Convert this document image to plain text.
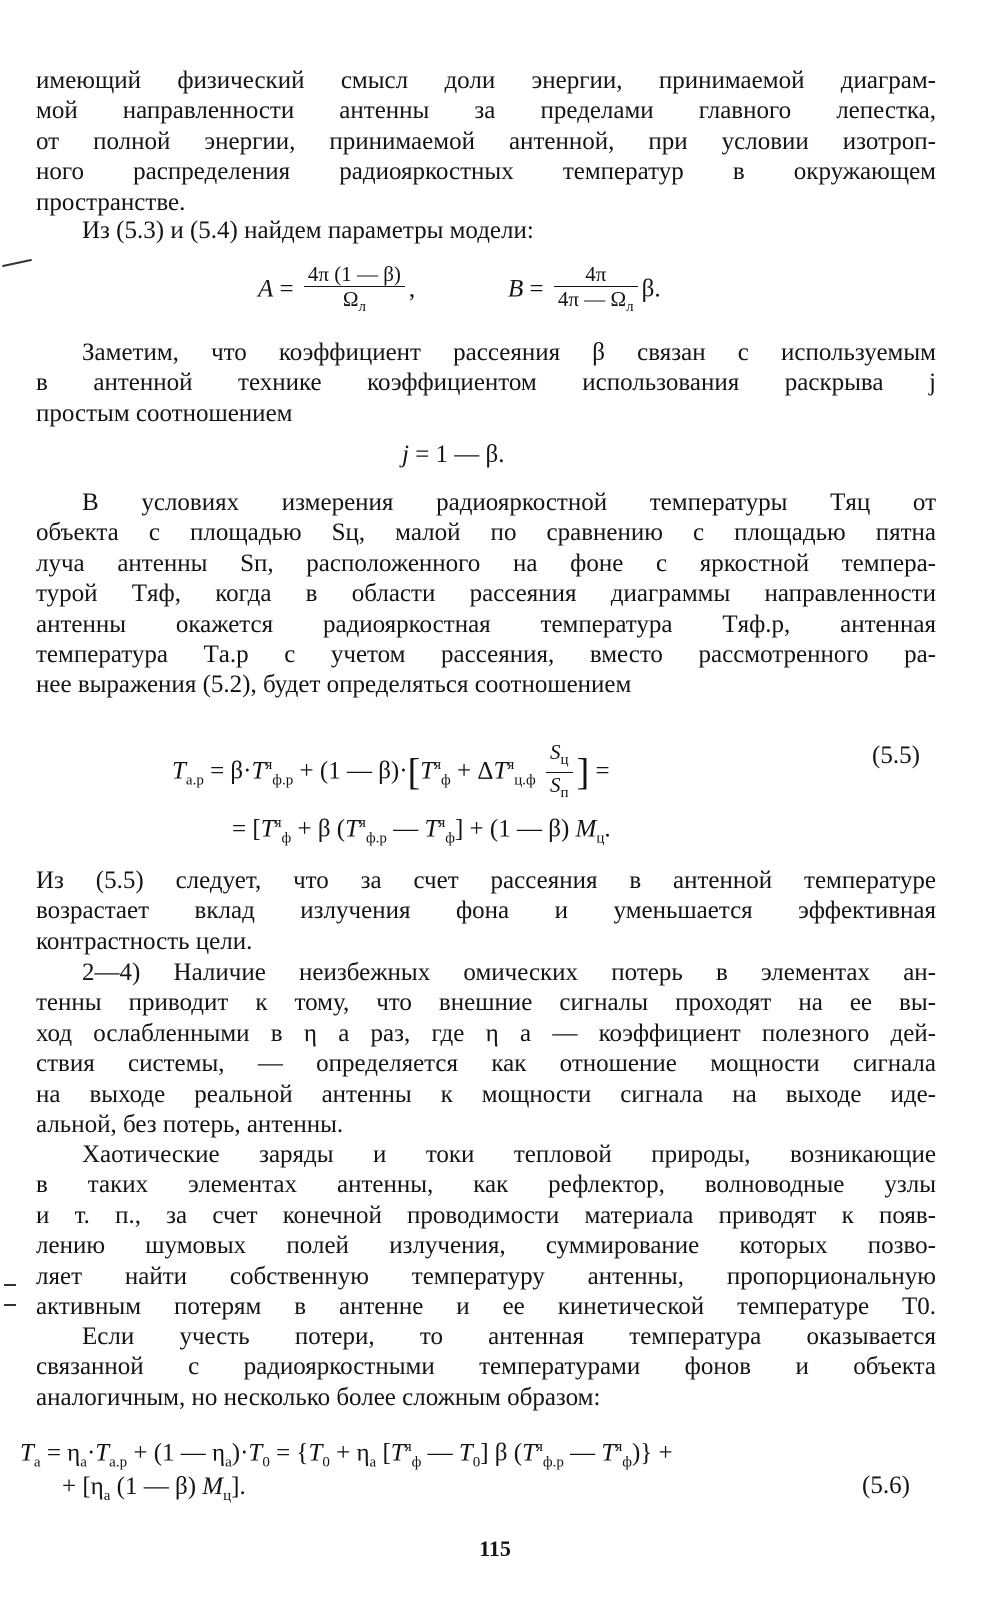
имеющий физический смысл доли энергии, принимаемой диаграм-
мой направленности антенны за пределами главного лепестка,
от полной энергии, принимаемой антенной, при условии изотроп-
ного распределения радиояркостных температур в окружающем
пространстве.
Из (5.3) и (5.4) найдем параметры модели:
$A = \frac{4\pi (1 — \beta)}{\Omega_л}$ ,	$B = \frac{4\pi}{4\pi — \Omega_л} \beta$.
Заметим, что коэффициент рассеяния β связан с используемым
в антенной технике коэффициентом использования раскрыва j
простым соотношением
j = 1 — β.
В условиях измерения радиояркостной температуры Tяц от
объекта с площадью Sц, малой по сравнению с площадью пятна
луча антенны Sп, расположенного на фоне с яркостной темпера-
турой Tяф, когда в области рассеяния диаграммы направленности
антенны окажется радиояркостная температура Tяф.р, антенная
температура Tа.р с учетом рассеяния, вместо рассмотренного ра-
нее выражения (5.2), будет определяться соотношением
$T_{а.р} = \beta\cdot T^я_{ф.р} + (1$ — $\beta)\cdot[T^я_ф + \Delta T^я_{ц.ф} \frac{S_ц}{S_п}$ ] =
(5.5)
= [$T^я_ф + \beta$ ($T^я_{ф.р}$ — $T^я_ф] + (1$ — β) $M_ц$.
Из (5.5) следует, что за счет рассеяния в антенной температуре
возрастает вклад излучения фона и уменьшается эффективная
контрастность цели.
2—4) Наличие неизбежных омических потерь в элементах ан-
тенны приводит к тому, что внешние сигналы проходят на ее вы-
ход ослабленными в η а раз, где η а — коэффициент полезного дей-
ствия системы, — определяется как отношение мощности сигнала
на выходе реальной антенны к мощности сигнала на выходе иде-
альной, без потерь, антенны.
Хаотические заряды и токи тепловой природы, возникающие
в таких элементах антенны, как рефлектор, волноводные узлы
и т. п., за счет конечной проводимости материала приводят к появ-
лению шумовых полей излучения, суммирование которых позво-
ляет найти собственную температуру антенны, пропорциональную
активным потерям в антенне и ее кинетической температуре T0.
Если учесть потери, то антенная температура оказывается
связанной с радиояркостными температурами фонов и объекта
аналогичным, но несколько более сложным образом:
$T_а = \eta_а\cdot T_{а.р} + (1$ — $\eta_а)\cdot T_0 = \{T_0 + \eta_а$ [$T^я_ф$ — $T_0$] β ($T^я_{ф.р}$ — $T^я_ф$)} +
+ [$\eta_а$ (1 — β) $M_ц$].	(5.6)
115
